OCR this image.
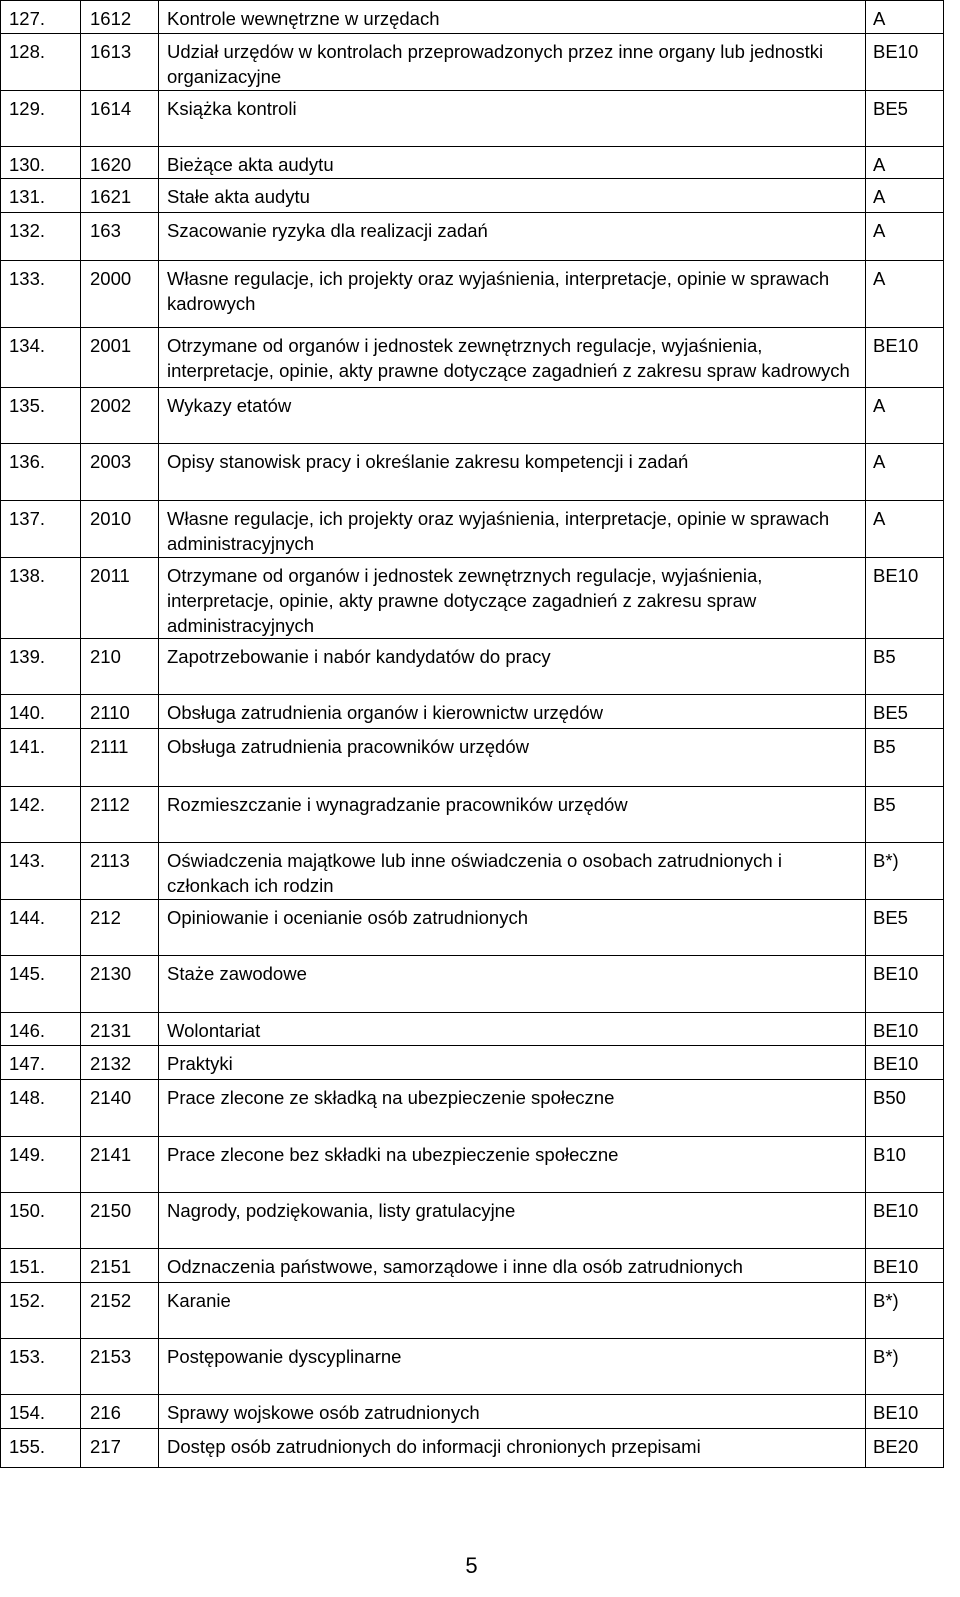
127.	1612	Kontrole wewnętrzne w urzędach	A
128.	1613	Udział urzędów w kontrolach przeprowadzonych przez inne organy lub jednostki organizacyjne	BE10
129.	1614	Książka kontroli	BE5
130.	1620	Bieżące akta audytu	A
131.	1621	Stałe akta audytu	A
132.	163	Szacowanie ryzyka dla realizacji zadań	A
133.	2000	Własne regulacje, ich projekty oraz wyjaśnienia, interpretacje, opinie w sprawach kadrowych	A
134.	2001	Otrzymane od organów i jednostek zewnętrznych regulacje, wyjaśnienia, interpretacje, opinie, akty prawne dotyczące zagadnień z zakresu spraw kadrowych	BE10
135.	2002	Wykazy etatów	A
136.	2003	Opisy stanowisk pracy i określanie zakresu kompetencji i zadań	A
137.	2010	Własne regulacje, ich projekty oraz wyjaśnienia, interpretacje, opinie w sprawach administracyjnych	A
138.	2011	Otrzymane od organów i jednostek zewnętrznych regulacje, wyjaśnienia, interpretacje, opinie, akty prawne dotyczące zagadnień z zakresu spraw administracyjnych	BE10
139.	210	Zapotrzebowanie i nabór kandydatów do pracy	B5
140.	2110	Obsługa zatrudnienia organów i kierownictw urzędów	BE5
141.	2111	Obsługa zatrudnienia pracowników urzędów	B5
142.	2112	Rozmieszczanie i wynagradzanie pracowników urzędów	B5
143.	2113	Oświadczenia majątkowe lub inne oświadczenia o osobach zatrudnionych i członkach ich rodzin	B*)
144.	212	Opiniowanie i ocenianie osób zatrudnionych	BE5
145.	2130	Staże zawodowe	BE10
146.	2131	Wolontariat	BE10
147.	2132	Praktyki	BE10
148.	2140	Prace zlecone ze składką na ubezpieczenie społeczne	B50
149.	2141	Prace zlecone bez składki na ubezpieczenie społeczne	B10
150.	2150	Nagrody, podziękowania, listy gratulacyjne	BE10
151.	2151	Odznaczenia państwowe, samorządowe i inne dla osób zatrudnionych	BE10
152.	2152	Karanie	B*)
153.	2153	Postępowanie dyscyplinarne	B*)
154.	216	Sprawy wojskowe osób zatrudnionych	BE10
155.	217	Dostęp osób zatrudnionych do informacji chronionych przepisami	BE20
5
